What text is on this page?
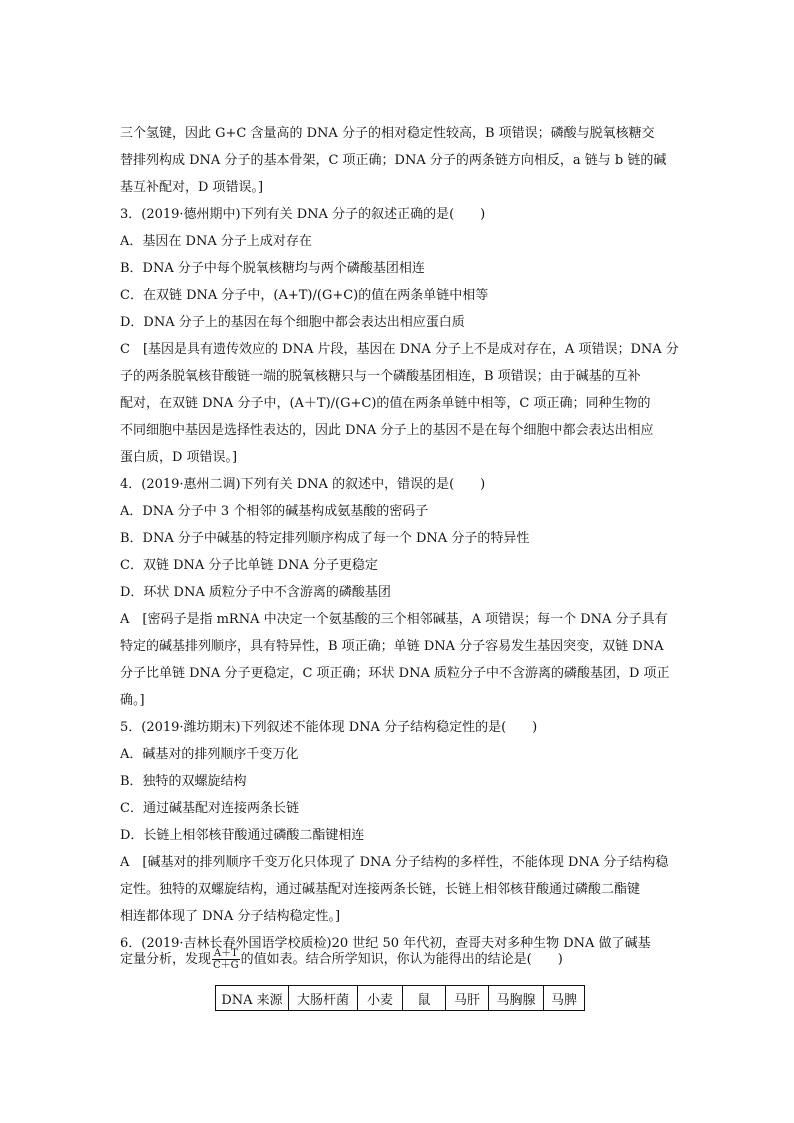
三个氢键，因此 G+C 含量高的 DNA 分子的相对稳定性较高，B 项错误；磷酸与脱氧核糖交
替排列构成 DNA 分子的基本骨架，C 项正确；DNA 分子的两条链方向相反，a 链与 b 链的碱
基互补配对，D 项错误。]
3．(2019·德州期中)下列有关 DNA 分子的叙述正确的是(　　)
A．基因在 DNA 分子上成对存在
B．DNA 分子中每个脱氧核糖均与两个磷酸基团相连
C．在双链 DNA 分子中，(A+T)/(G+C)的值在两条单链中相等
D．DNA 分子上的基因在每个细胞中都会表达出相应蛋白质
C　[基因是具有遗传效应的 DNA 片段，基因在 DNA 分子上不是成对存在，A 项错误；DNA 分
子的两条脱氧核苷酸链一端的脱氧核糖只与一个磷酸基团相连，B 项错误；由于碱基的互补
配对，在双链 DNA 分子中，(A＋T)/(G+C)的值在两条单链中相等，C 项正确；同种生物的
不同细胞中基因是选择性表达的，因此 DNA 分子上的基因不是在每个细胞中都会表达出相应
蛋白质，D 项错误。]
4．(2019·惠州二调)下列有关 DNA 的叙述中，错误的是(　　)
A．DNA 分子中 3 个相邻的碱基构成氨基酸的密码子
B．DNA 分子中碱基的特定排列顺序构成了每一个 DNA 分子的特异性
C．双链 DNA 分子比单链 DNA 分子更稳定
D．环状 DNA 质粒分子中不含游离的磷酸基团
A　[密码子是指 mRNA 中决定一个氨基酸的三个相邻碱基，A 项错误；每一个 DNA 分子具有
特定的碱基排列顺序，具有特异性，B 项正确；单链 DNA 分子容易发生基因突变，双链 DNA
分子比单链 DNA 分子更稳定，C 项正确；环状 DNA 质粒分子中不含游离的磷酸基团，D 项正
确。]
5．(2019·潍坊期末)下列叙述不能体现 DNA 分子结构稳定性的是(　　)
A．碱基对的排列顺序千变万化
B．独特的双螺旋结构
C．通过碱基配对连接两条长链
D．长链上相邻核苷酸通过磷酸二酯键相连
A　[碱基对的排列顺序千变万化只体现了 DNA 分子结构的多样性，不能体现 DNA 分子结构稳
定性。独特的双螺旋结构，通过碱基配对连接两条长链，长链上相邻核苷酸通过磷酸二酯键
相连都体现了 DNA 分子结构稳定性。]
6．(2019·吉林长春外国语学校质检)20 世纪 50 年代初，查哥夫对多种生物 DNA 做了碱基
定量分析，发现 $\frac{A+T}{C+G}$ 的值如表。结合所学知识，你认为能得出的结论是(　　)
DNA 来源	大肠杆菌	小麦	鼠	马肝	马胸腺	马脾
